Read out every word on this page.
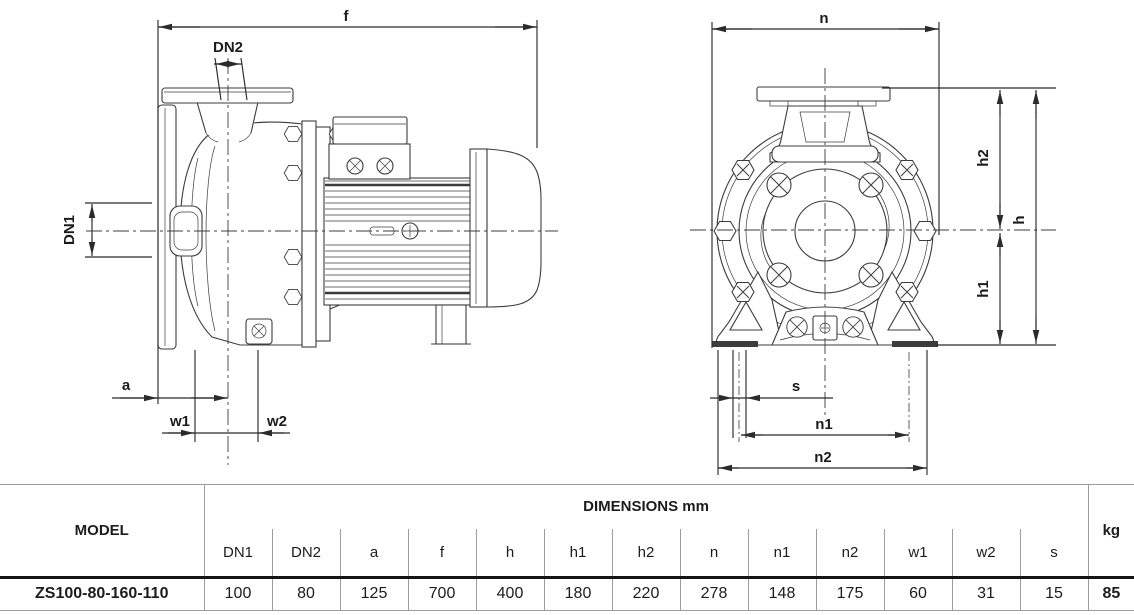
f
DN2
DN1
a
w1	w2
n
h2
h1
h
s
n1
n2
MODEL	DIMENSIONS mm													kg
	DN1	DN2	a	f	h	h1	h2	n	n1	n2	w1	w2	s	
ZS100-80-160-110	100	80	125	700	400	180	220	278	148	175	60	31	15	85
